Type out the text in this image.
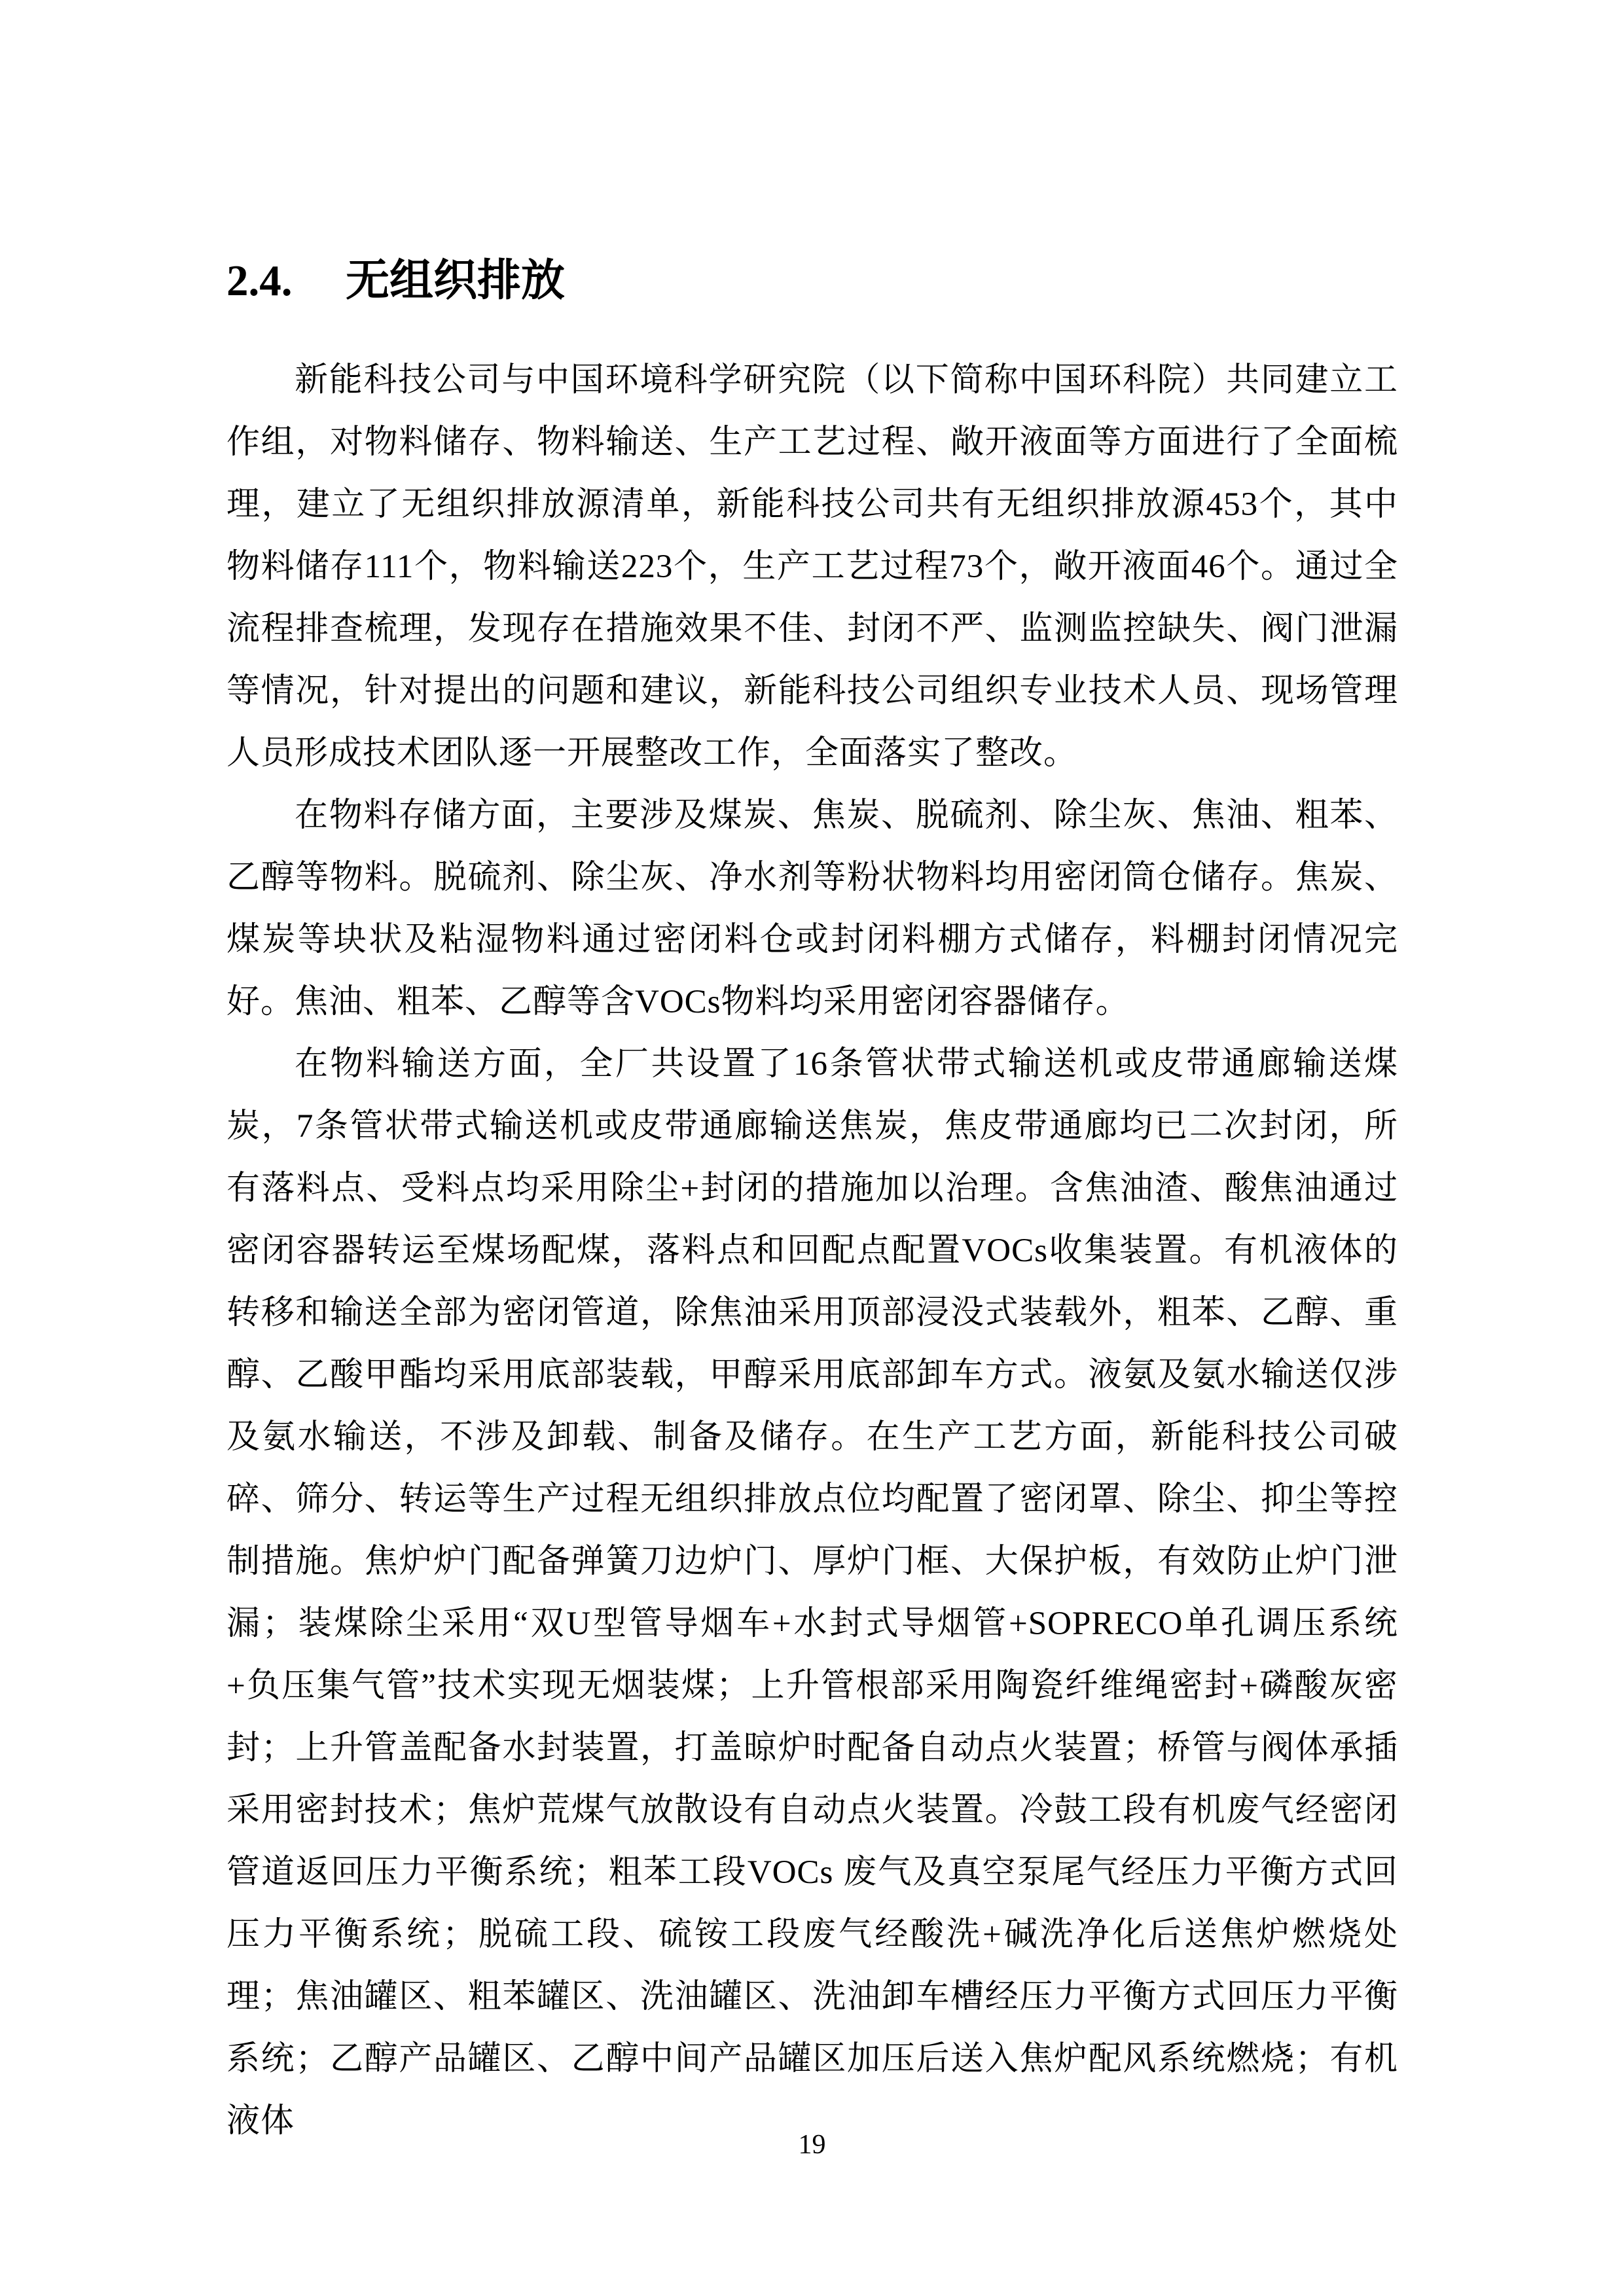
2.4. 无组织排放

新能科技公司与中国环境科学研究院（以下简称中国环科院）共同建立工作组，对物料储存、物料输送、生产工艺过程、敞开液面等方面进行了全面梳理，建立了无组织排放源清单，新能科技公司共有无组织排放源453个，其中物料储存111个，物料输送223个，生产工艺过程73个，敞开液面46个。通过全流程排查梳理，发现存在措施效果不佳、封闭不严、监测监控缺失、阀门泄漏等情况，针对提出的问题和建议，新能科技公司组织专业技术人员、现场管理人员形成技术团队逐一开展整改工作，全面落实了整改。

在物料存储方面，主要涉及煤炭、焦炭、脱硫剂、除尘灰、焦油、粗苯、乙醇等物料。脱硫剂、除尘灰、净水剂等粉状物料均用密闭筒仓储存。焦炭、煤炭等块状及粘湿物料通过密闭料仓或封闭料棚方式储存，料棚封闭情况完好。焦油、粗苯、乙醇等含VOCs物料均采用密闭容器储存。

在物料输送方面，全厂共设置了16条管状带式输送机或皮带通廊输送煤炭，7条管状带式输送机或皮带通廊输送焦炭，焦皮带通廊均已二次封闭，所有落料点、受料点均采用除尘+封闭的措施加以治理。含焦油渣、酸焦油通过密闭容器转运至煤场配煤，落料点和回配点配置VOCs收集装置。有机液体的转移和输送全部为密闭管道，除焦油采用顶部浸没式装载外，粗苯、乙醇、重醇、乙酸甲酯均采用底部装载，甲醇采用底部卸车方式。液氨及氨水输送仅涉及氨水输送，不涉及卸载、制备及储存。在生产工艺方面，新能科技公司破碎、筛分、转运等生产过程无组织排放点位均配置了密闭罩、除尘、抑尘等控制措施。焦炉炉门配备弹簧刀边炉门、厚炉门框、大保护板，有效防止炉门泄漏；装煤除尘采用“双U型管导烟车+水封式导烟管+SOPRECO单孔调压系统+负压集气管”技术实现无烟装煤；上升管根部采用陶瓷纤维绳密封+磷酸灰密封；上升管盖配备水封装置，打盖晾炉时配备自动点火装置；桥管与阀体承插采用密封技术；焦炉荒煤气放散设有自动点火装置。冷鼓工段有机废气经密闭管道返回压力平衡系统；粗苯工段VOCs 废气及真空泵尾气经压力平衡方式回压力平衡系统；脱硫工段、硫铵工段废气经酸洗+碱洗净化后送焦炉燃烧处理；焦油罐区、粗苯罐区、洗油罐区、洗油卸车槽经压力平衡方式回压力平衡系统；乙醇产品罐区、乙醇中间产品罐区加压后送入焦炉配风系统燃烧；有机液体

19
